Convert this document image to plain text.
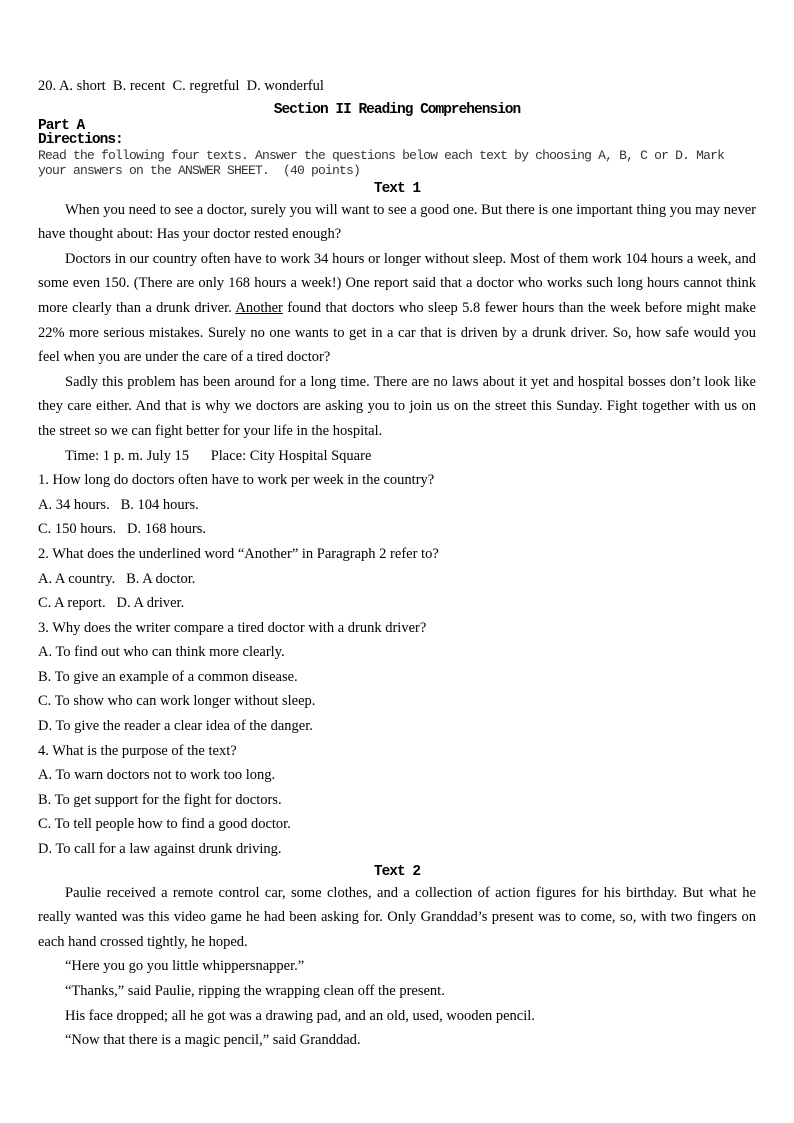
20. A. short  B. recent  C. regretful  D. wonderful
Section II Reading Comprehension
Part A
Directions:
Read the following four texts. Answer the questions below each text by choosing A, B, C or D. Mark
your answers on the ANSWER SHEET.  (40 points)
Text 1

When you need to see a doctor, surely you will want to see a good one. But there is one important thing you may never have thought about: Has your doctor rested enough?

Doctors in our country often have to work 34 hours or longer without sleep. Most of them work 104 hours a week, and some even 150. (There are only 168 hours a week!) One report said that a doctor who works such long hours cannot think more clearly than a drunk driver. Another found that doctors who sleep 5.8 fewer hours than the week before might make 22% more serious mistakes. Surely no one wants to get in a car that is driven by a drunk driver. So, how safe would you feel when you are under the care of a tired doctor?

Sadly this problem has been around for a long time. There are no laws about it yet and hospital bosses don’t look like they care either. And that is why we doctors are asking you to join us on the street this Sunday. Fight together with us on the street so we can fight better for your life in the hospital.

Time: 1 p. m. July 15      Place: City Hospital Square
1. How long do doctors often have to work per week in the country?
A. 34 hours.   B. 104 hours.
C. 150 hours.   D. 168 hours.
2. What does the underlined word “Another” in Paragraph 2 refer to?
A. A country.   B. A doctor.
C. A report.   D. A driver.
3. Why does the writer compare a tired doctor with a drunk driver?
A. To find out who can think more clearly.
B. To give an example of a common disease.
C. To show who can work longer without sleep.
D. To give the reader a clear idea of the danger.
4. What is the purpose of the text?
A. To warn doctors not to work too long.
B. To get support for the fight for doctors.
C. To tell people how to find a good doctor.
D. To call for a law against drunk driving.
Text 2

Paulie received a remote control car, some clothes, and a collection of action figures for his birthday. But what he really wanted was this video game he had been asking for. Only Granddad’s present was to come, so, with two fingers on each hand crossed tightly, he hoped.

“Here you go you little whippersnapper.”
“Thanks,” said Paulie, ripping the wrapping clean off the present.
His face dropped; all he got was a drawing pad, and an old, used, wooden pencil.
“Now that there is a magic pencil,” said Granddad.
